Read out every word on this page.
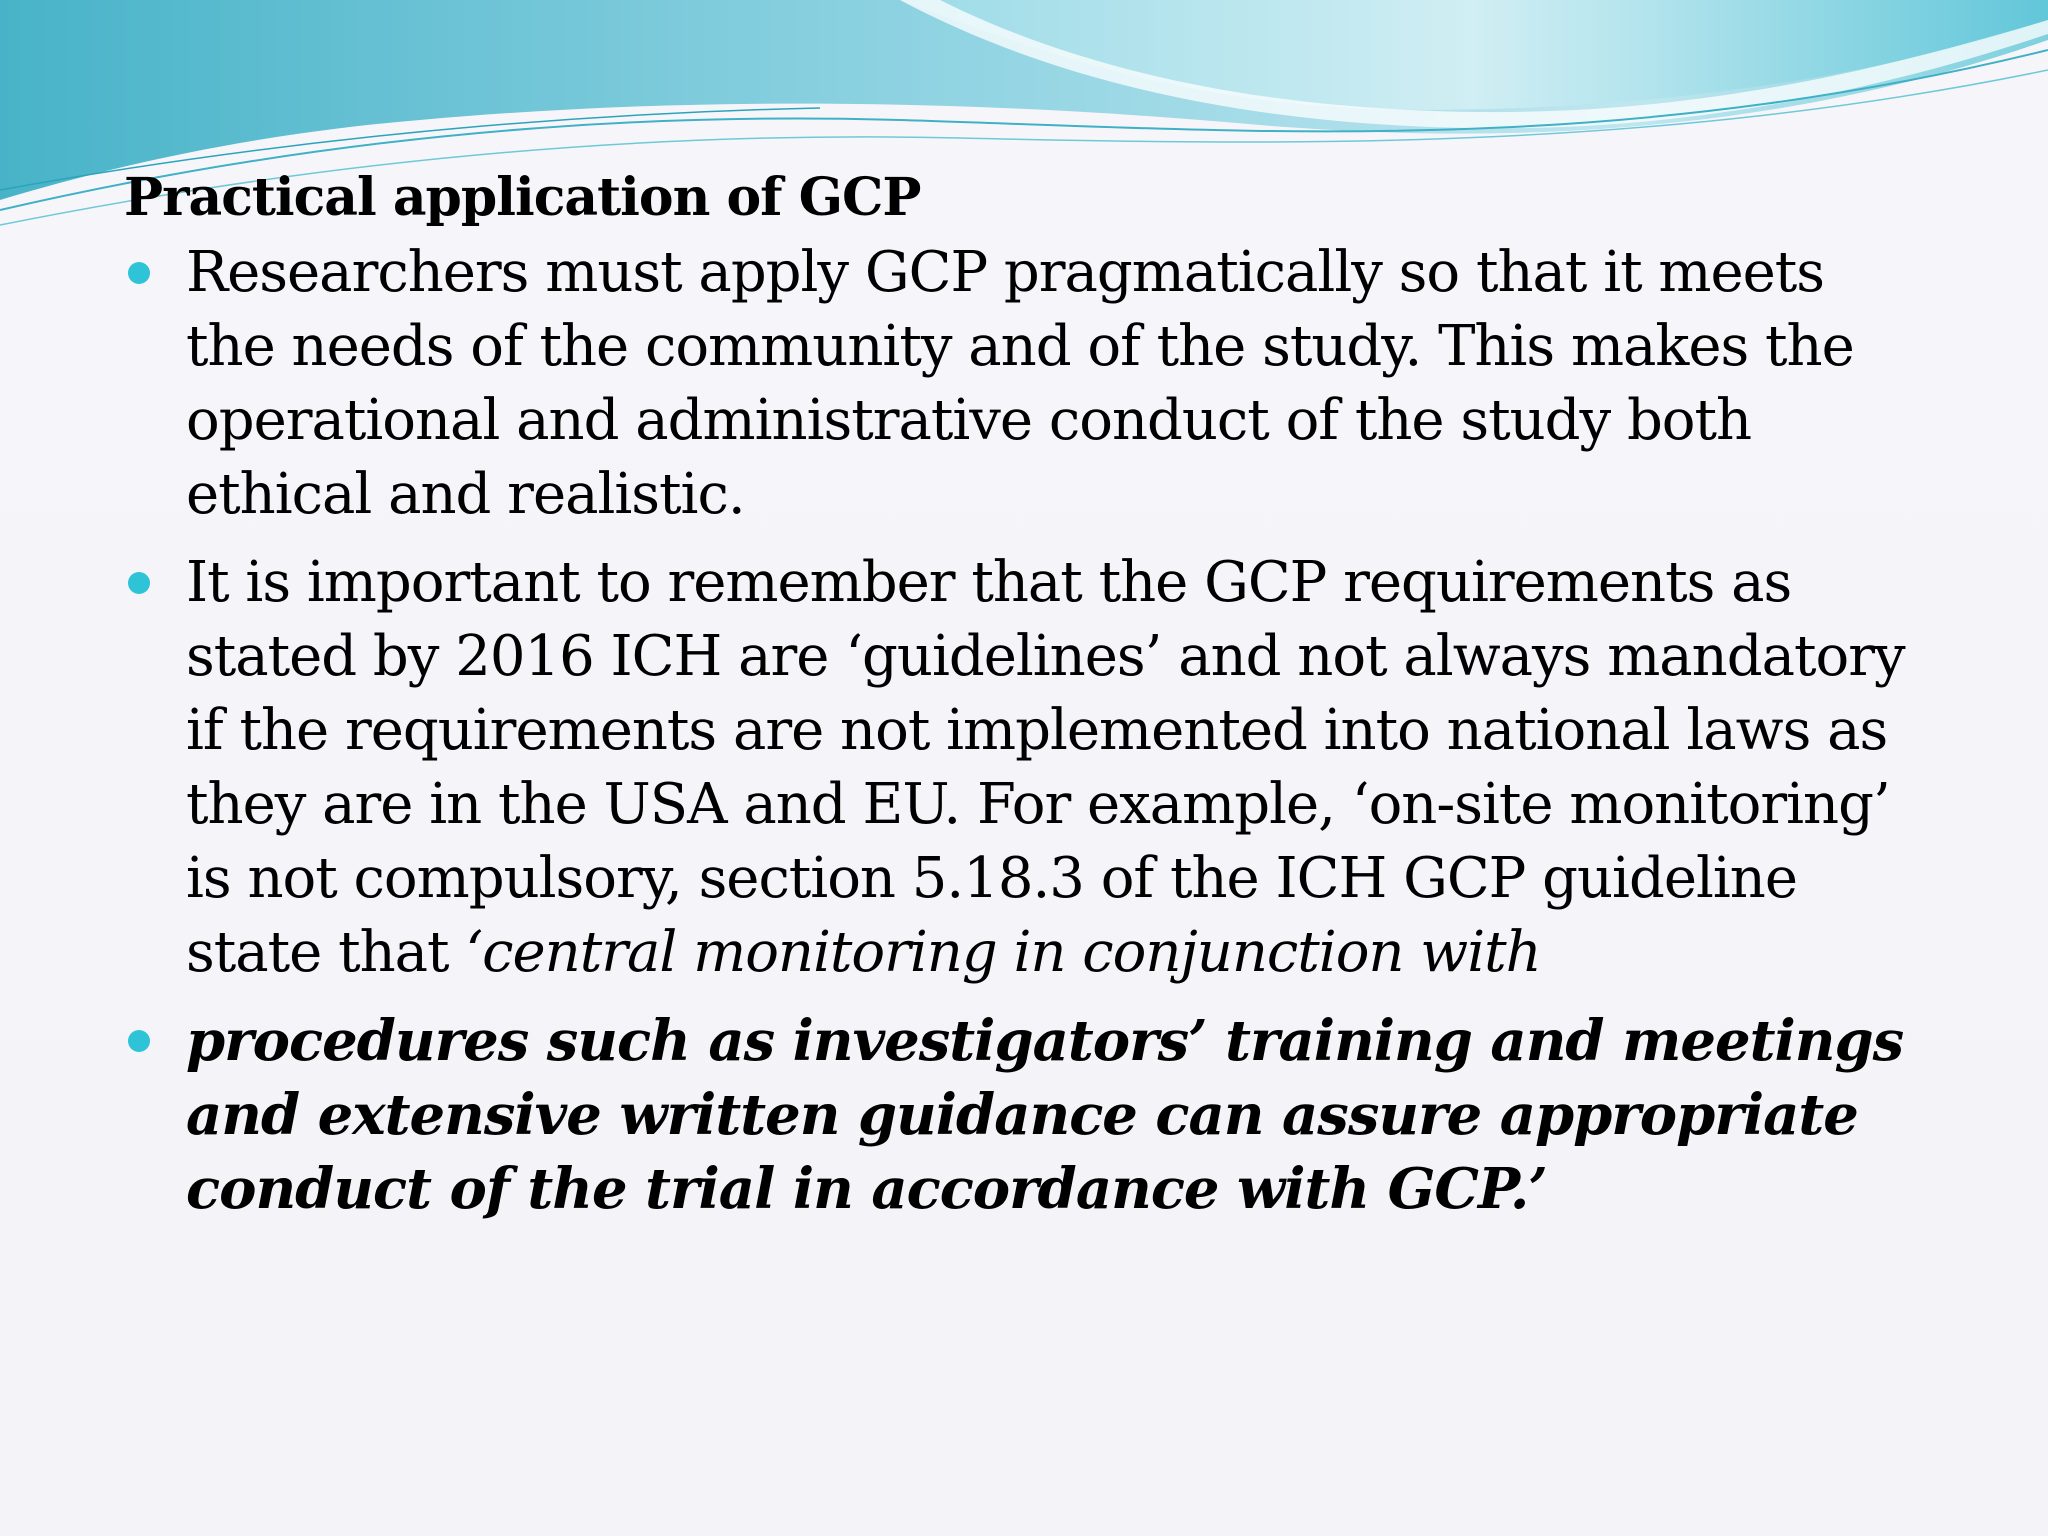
Practical application of GCP
Researchers must apply GCP pragmatically so that it meets the needs of the community and of the study. This makes the operational and administrative conduct of the study both ethical and realistic.
It is important to remember that the GCP requirements as stated by 2016 ICH are ‘guidelines’ and not always mandatory if the requirements are not implemented into national laws as they are in the USA and EU. For example, ‘on-site monitoring’ is not compulsory, section 5.18.3 of the ICH GCP guideline state that ‘central monitoring in conjunction with
procedures such as investigators’ training and meetings and extensive written guidance can assure appropriate conduct of the trial in accordance with GCP.’
